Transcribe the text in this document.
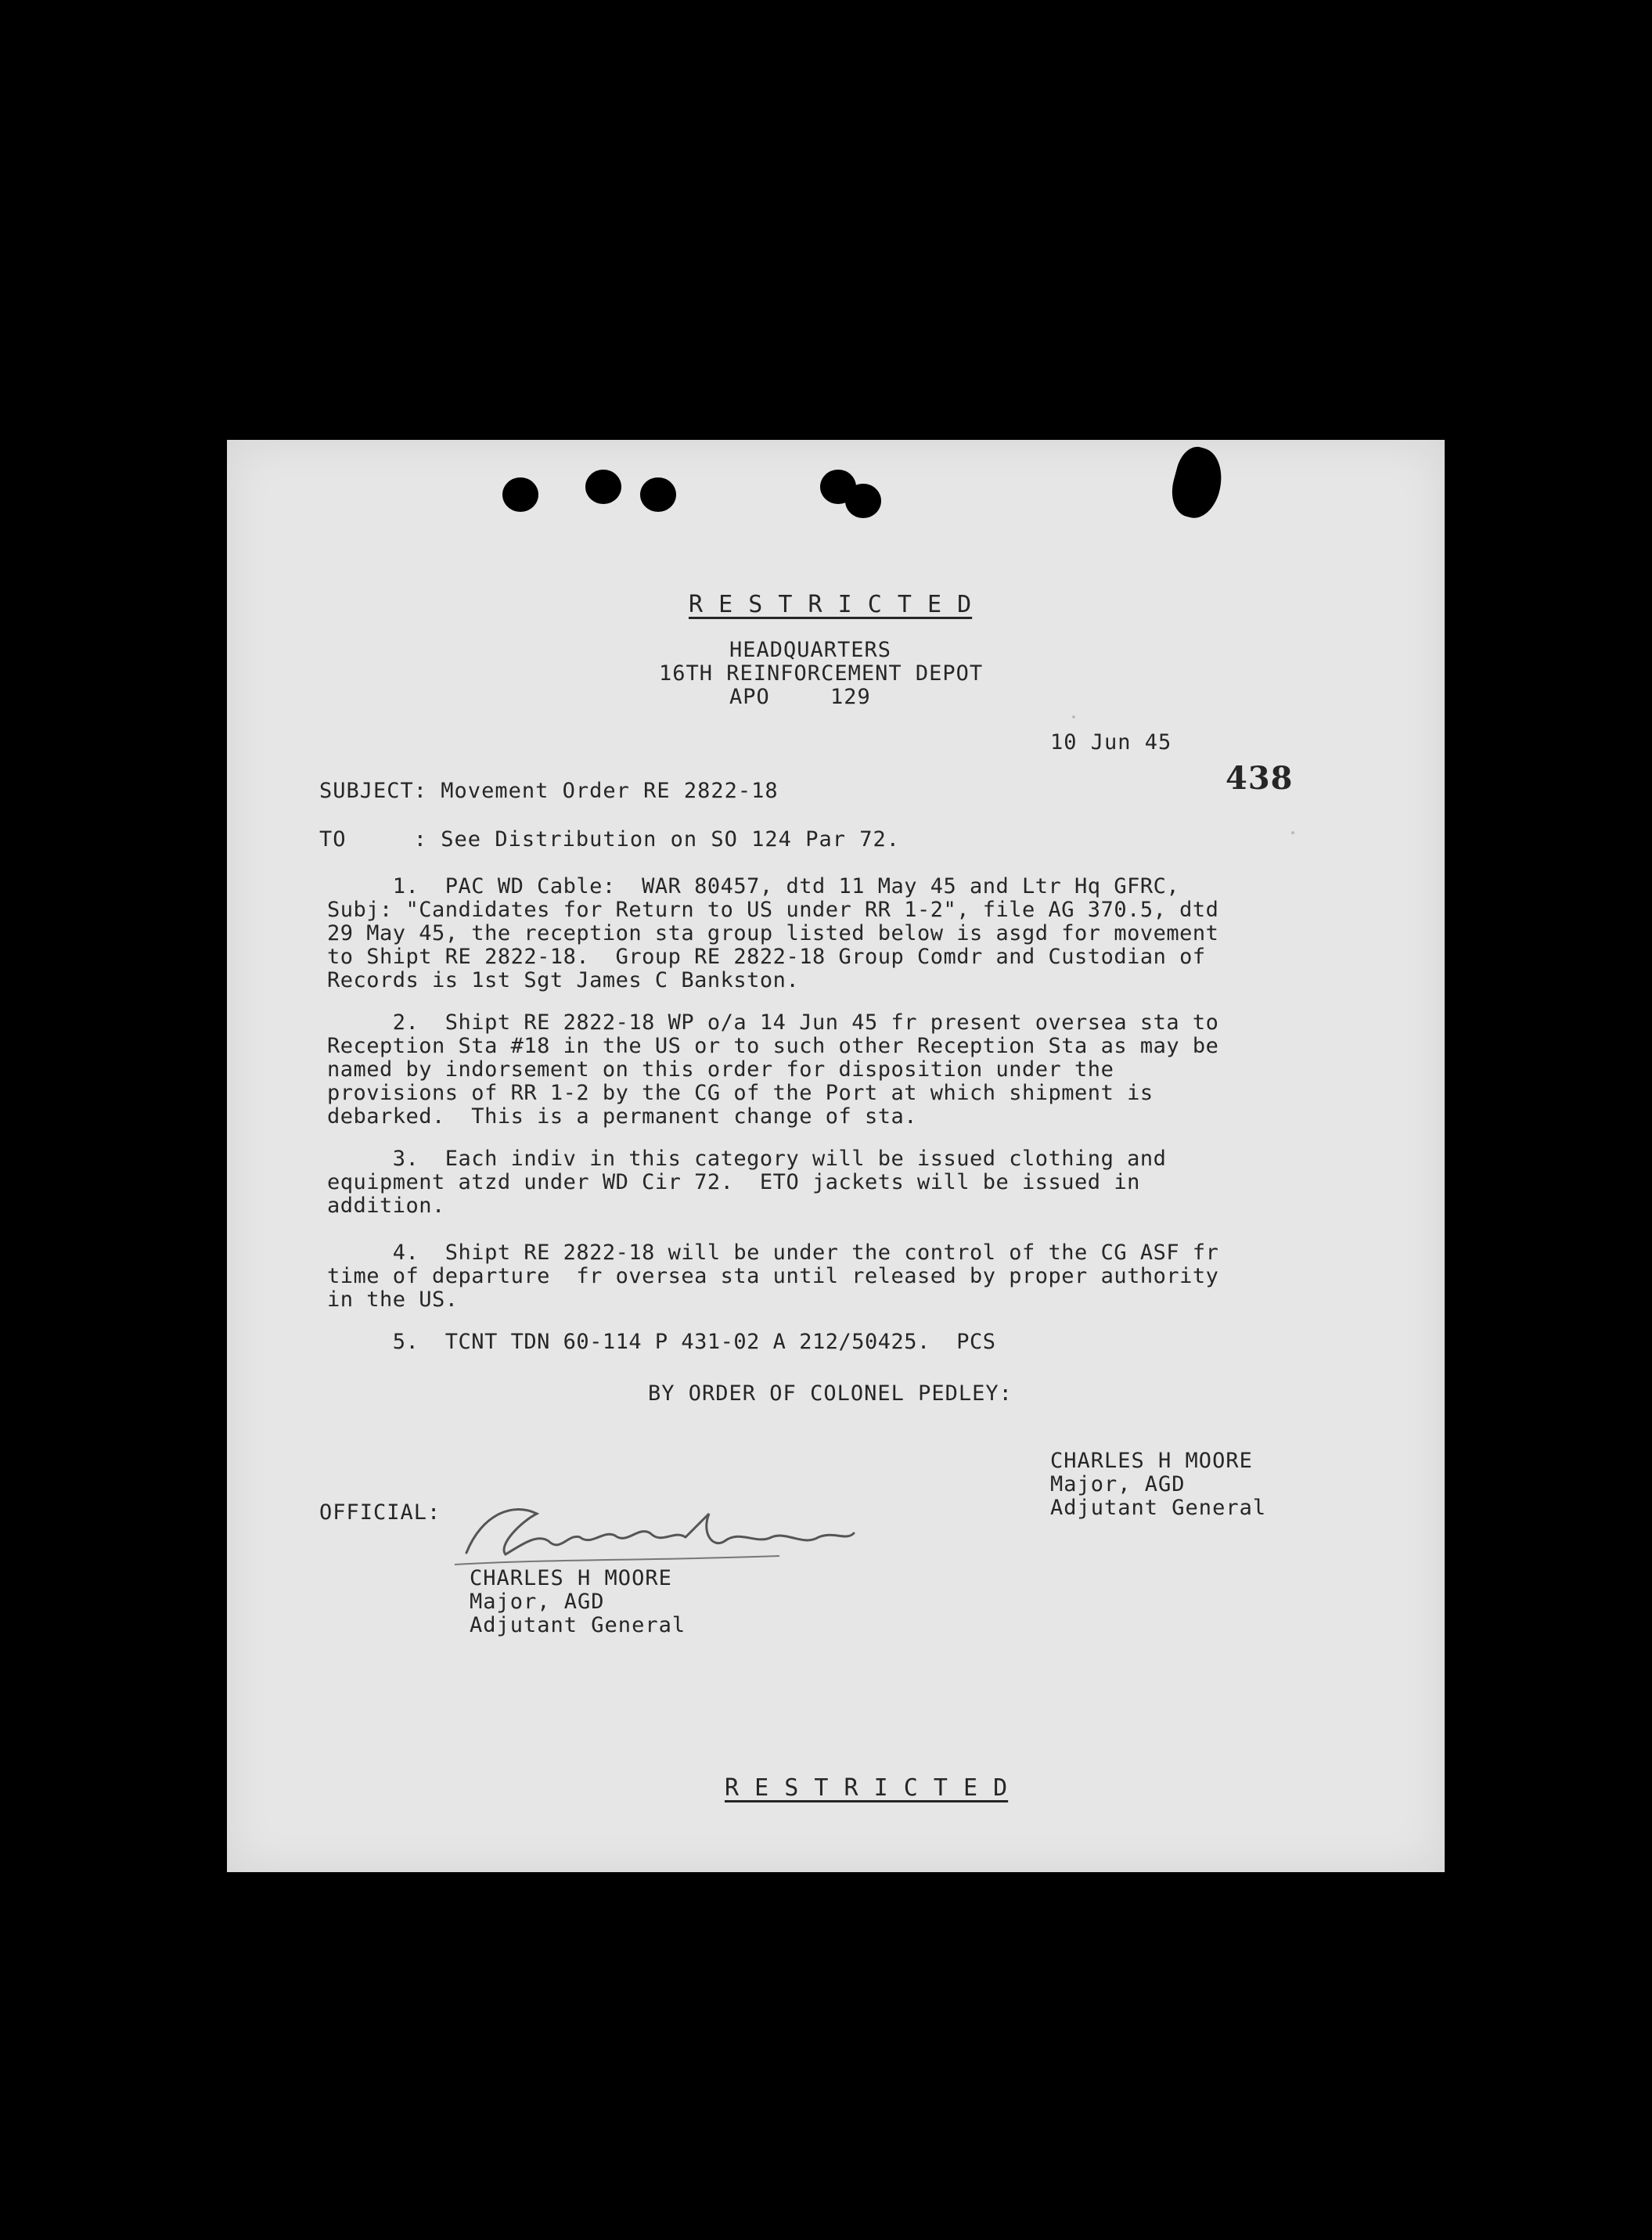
R E S T R I C T E D
HEADQUARTERS
16TH REINFORCEMENT DEPOT
APO 129
10 Jun 45
438
SUBJECT: Movement Order RE 2822-18
TO     : See Distribution on SO 124 Par 72.
1.  PAC WD Cable:  WAR 80457, dtd 11 May 45 and Ltr Hq GFRC,
Subj: "Candidates for Return to US under RR 1-2", file AG 370.5, dtd
29 May 45, the reception sta group listed below is asgd for movement
to Shipt RE 2822-18.  Group RE 2822-18 Group Comdr and Custodian of
Records is 1st Sgt James C Bankston.
2.  Shipt RE 2822-18 WP o/a 14 Jun 45 fr present oversea sta to
Reception Sta #18 in the US or to such other Reception Sta as may be
named by indorsement on this order for disposition under the
provisions of RR 1-2 by the CG of the Port at which shipment is
debarked.  This is a permanent change of sta.
3.  Each indiv in this category will be issued clothing and
equipment atzd under WD Cir 72.  ETO jackets will be issued in
addition.
4.  Shipt RE 2822-18 will be under the control of the CG ASF fr
time of departure  fr oversea sta until released by proper authority
in the US.
5.  TCNT TDN 60-114 P 431-02 A 212/50425.  PCS
BY ORDER OF COLONEL PEDLEY:
CHARLES H MOORE
Major, AGD
Adjutant General
OFFICIAL:
CHARLES H MOORE
Major, AGD
Adjutant General
R E S T R I C T E D
